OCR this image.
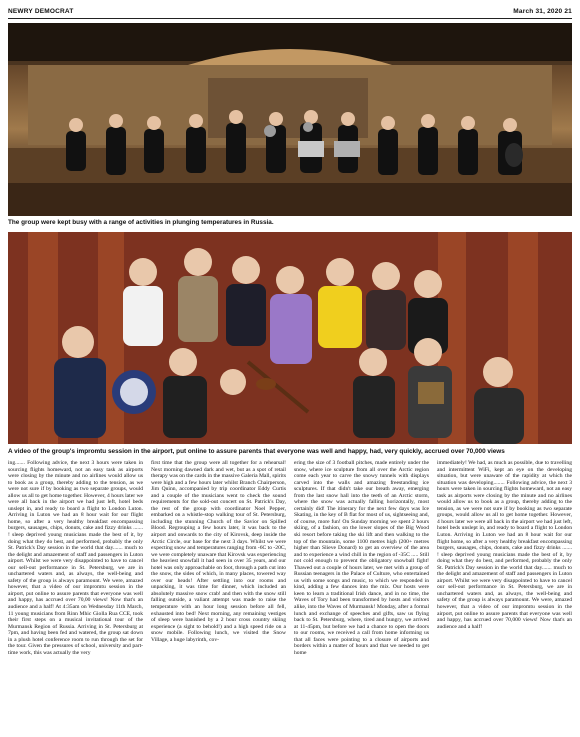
NEWRY DEMOCRAT	March 31, 2020 21
The group were kept busy with a range of activities in plunging temperatures in Russia.
A video of the group's impromtu session in the airport, put online to assure parents that everyone was well and happy, had, very quickly, accrued over 70,000 views

ing....... Following advice, the next 3 hours were taken in sourcing flights homeward, not an easy task as airports were closing by the minute and no airlines would allow us to book as a group, thereby adding to the tension, as we were not sure if by booking as two separate groups, would allow us all to get home together. However, 4 hours later we were all back in the airport we had just left, hotel beds unslept in, and ready to board a flight to London Luton. Arriving in Luton we had an 8 hour wait for our flight home, so after a very healthy breakfast encompassing burgers, sausages, chips, donuts, cake and fizzy drinks ....... ! sleep deprived young musicians made the best of it, by doing what they do best, and performed, probably the only St. Patrick's Day session in the world that day....... much to the delight and amazement of staff and passengers in Luton airport. Whilst we were very disappointed to have to cancel our sell-out performance in St. Petersburg, we are in unchartered waters and, as always, the well-being and safety of the group is always paramount. We were, amazed however, that a video of our impromtu session in the airport, put online to assure parents that everyone was well and happy, has accrued over 70,00 views! Now that's an audience and a half! At 4:35am on Wednesday 11th March, 11 young musicians from Rinn Mhic Giolla Rua CCE, took their first steps on a musical invitational tour of the Murmansk Region of Russia. Arriving in St. Petersburg at 7pm, and having been fed and watered, the group sat down in a plush hotel conference room to run through the set for the tour. Given the pressures of school, university and part-time work, this was actually the very

first time that the group were all together for a rehearsal! Next morning dawned dark and wet, but as a spot of retail therapy was on the cards in the massive Galeria Mall, spirits were high and a few hours later whilst Branch Chairperson, Jim Quinn, accompanied by trip coordinator Eddy Curtis and a couple of the musicians went to check the sound requirements for the sold-out concert on St. Patrick's Day, the rest of the group with coordinator Noel Pepper, embarked on a whistle-stop walking tour of St. Petersburg, including the stunning Church of the Savior on Spilled Blood. Regrouping a few hours later, it was back to the airport and onwards to the city of Kirovsk, deep inside the Arctic Circle, our base for the next 3 days. Whilst we were expecting snow and temperatures ranging from -6C to -20C, we were completely unaware that Kirovsk was experiencing the heaviest snowfall it had seen in over 35 years, and our hotel was only approachable on foot, through a path cut into the snow, the sides of which, in many places, towered way over our heads! After settling into our rooms and unpacking, it was time for dinner, which included an absolutely massive snow crab! and then with the snow still falling outside, a valiant attempt was made to raise the temperature with an hour long session before all fell, exhausted into bed! Next morning, any remaining vestiges of sleep were banished by a 2 hour cross country skiing experience (a sight to behold!) and a high speed ride on a snow mobile. Following lunch, we visited the Snow Village, a huge labyrinth, cov-

ering the size of 3 football pitches, made entirely under the snow, where ice sculpture from all over the Arctic region come each year to carve the snowy tunnels with displays carved into the walls and amazing freestanding ice sculptures. If that didn't take our breath away, emerging from the last snow hall into the teeth of an Arctic storm, where the snow was actually falling horizontally, most certainly did! The itinerary for the next few days was Ice Skating, in the key of B flat for most of us, sightseeing and, of course, more fun! On Sunday morning we spent 2 hours skiing, of a fashion, on the lower slopes of the Big Wood ski resort before taking the ski lift and then walking to the top of the mountain, some 1100 metres high (200+ metres higher than Slieve Donard) to get an overview of the area and to experience a wind chill in the region of -35C ..... Still not cold enough to prevent the obligatory snowball fight! Thawed out a couple of hours later, we met with a group of Russian teenagers in the Palace of Culture, who entertained us with some songs and music, to which we responded in kind, adding a few dances into the mix. Our hosts were keen to learn a traditional Irish dance, and in no time, the Waves of Tory had been transformed by hosts and visitors alike, into the Waves of Murmansk! Monday, after a formal lunch and exchange of speeches and gifts, saw us flying back to St. Petersburg, where, tired and hungry, we arrived at 11-45pm, but before we had a chance to open the doors to our rooms, we received a call from home informing us that all faces were pointing to a closure of airports and borders within a matter of hours and that we needed to get home

immediately! We had, as much as possible, due to travelling and intermittent WiFi, kept an eye on the developing situation, but were unaware of the rapidity at which the situation was developing........ Following advice, the next 3 hours were taken in sourcing flights homeward, not an easy task as airports were closing by the minute and no airlines would allow us to book as a group, thereby adding to the tension, as we were not sure if by booking as two separate groups, would allow us all to get home together. However, 4 hours later we were all back in the airport we had just left, hotel beds unslept in, and ready to board a flight to London Luton. Arriving in Luton we had an 8 hour wait for our flight home, so after a very healthy breakfast encompassing burgers, sausages, chips, donuts, cake and fizzy drinks ....... ! sleep deprived young musicians made the best of it, by doing what they do best, and performed, probably the only St. Patrick's Day session in the world that day....... much to the delight and amazement of staff and passengers in Luton airport. Whilst we were very disappointed to have to cancel our sell-out performance in St. Petersburg, we are in unchartered waters and, as always, the well-being and safety of the group is always paramount. We were, amazed however, that a video of our impromtu session in the airport, put online to assure parents that everyone was well and happy, has accrued over 70,000 views! Now that's an audience and a half!
